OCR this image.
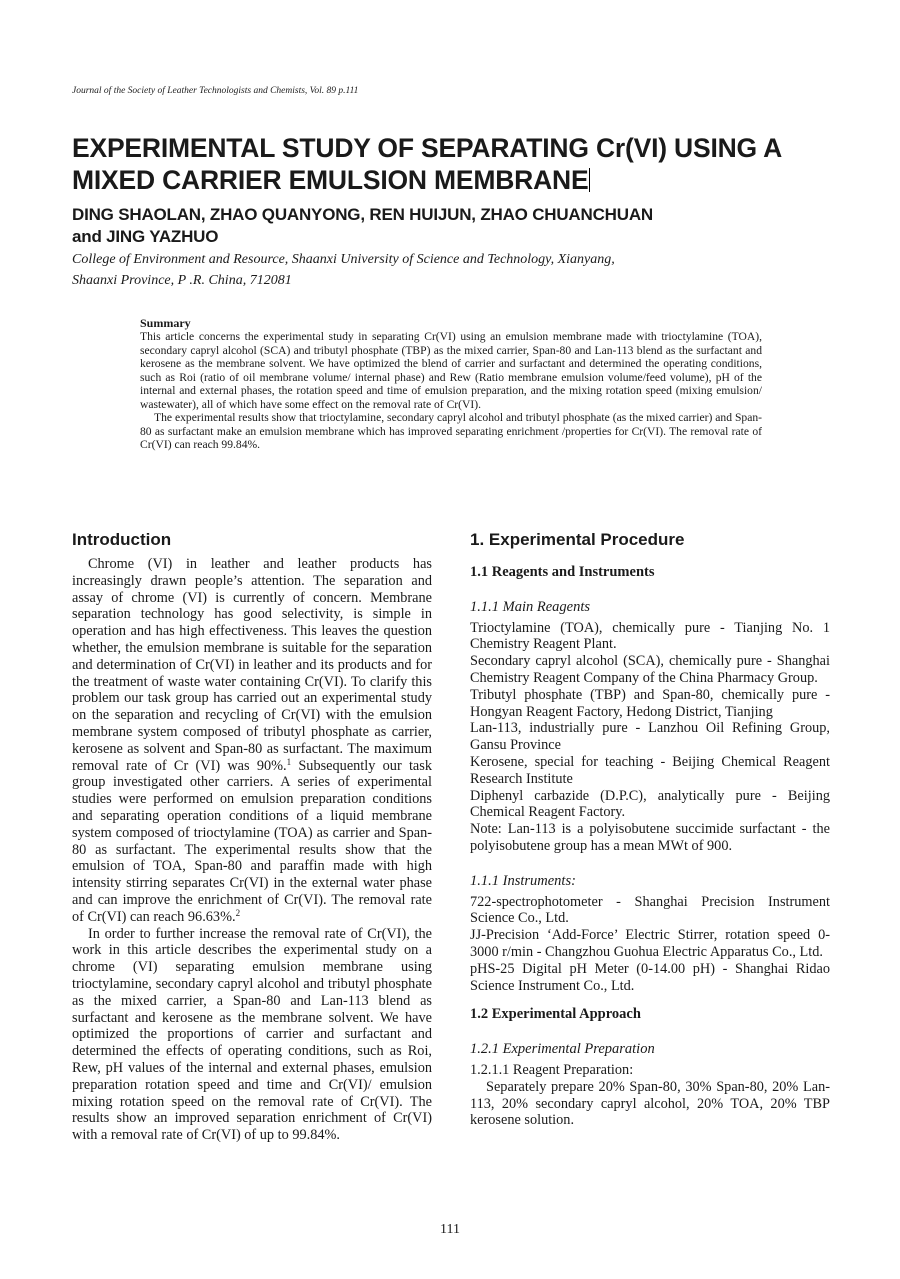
Journal of the Society of Leather Technologists and Chemists, Vol. 89 p.111
EXPERIMENTAL STUDY OF SEPARATING Cr(VI) USING A MIXED CARRIER EMULSION MEMBRANE
DING SHAOLAN, ZHAO QUANYONG, REN HUIJUN, ZHAO CHUANCHUAN
and JING YAZHUO
College of Environment and Resource, Shaanxi University of Science and Technology, Xianyang,
Shaanxi Province, P .R. China, 712081
Summary

This article concerns the experimental study in separating Cr(VI) using an emulsion membrane made with trioctylamine (TOA), secondary capryl alcohol (SCA) and tributyl phosphate (TBP) as the mixed carrier, Span-80 and Lan-113 blend as the surfactant and kerosene as the membrane solvent. We have optimized the blend of carrier and surfactant and determined the operating conditions, such as Roi (ratio of oil membrane volume/ internal phase) and Rew (Ratio membrane emulsion volume/feed volume), pH of the internal and external phases, the rotation speed and time of emulsion preparation, and the mixing rotation speed (mixing emulsion/ wastewater), all of which have some effect on the removal rate of Cr(VI).

The experimental results show that trioctylamine, secondary capryl alcohol and tributyl phosphate (as the mixed carrier) and Span-80 as surfactant make an emulsion membrane which has improved separating enrichment /properties for Cr(VI). The removal rate of Cr(VI) can reach 99.84%.

Introduction

Chrome (VI) in leather and leather products has increasingly drawn people’s attention. The separation and assay of chrome (VI) is currently of concern. Membrane separation technology has good selectivity, is simple in operation and has high effectiveness. This leaves the question whether, the emulsion membrane is suitable for the separation and determination of Cr(VI) in leather and its products and for the treatment of waste water containing Cr(VI). To clarify this problem our task group has carried out an experimental study on the separation and recycling of Cr(VI) with the emulsion membrane system composed of tributyl phosphate as carrier, kerosene as solvent and Span-80 as surfactant. The maximum removal rate of Cr (VI) was 90%.$^1$ Subsequently our task group investigated other carriers. A series of experimental studies were performed on emulsion preparation conditions and separating operation conditions of a liquid membrane system composed of trioctylamine (TOA) as carrier and Span-80 as surfactant. The experimental results show that the emulsion of TOA, Span-80 and paraffin made with high intensity stirring separates Cr(VI) in the external water phase and can improve the enrichment of Cr(VI). The removal rate of Cr(VI) can reach 96.63%.$^2$

In order to further increase the removal rate of Cr(VI), the work in this article describes the experimental study on a chrome (VI) separating emulsion membrane using trioctylamine, secondary capryl alcohol and tributyl phosphate as the mixed carrier, a Span-80 and Lan-113 blend as surfactant and kerosene as the membrane solvent. We have optimized the proportions of carrier and surfactant and determined the effects of operating conditions, such as Roi, Rew, pH values of the internal and external phases, emulsion preparation rotation speed and time and Cr(VI)/ emulsion mixing rotation speed on the removal rate of Cr(VI). The results show an improved separation enrichment of Cr(VI) with a removal rate of Cr(VI) of up to 99.84%.

1. Experimental Procedure
1.1 Reagents and Instruments
1.1.1 Main Reagents

Trioctylamine (TOA), chemically pure - Tianjing No. 1 Chemistry Reagent Plant.

Secondary capryl alcohol (SCA), chemically pure - Shanghai Chemistry Reagent Company of the China Pharmacy Group.

Tributyl phosphate (TBP) and Span-80, chemically pure - Hongyan Reagent Factory, Hedong District, Tianjing

Lan-113, industrially pure - Lanzhou Oil Refining Group, Gansu Province

Kerosene, special for teaching - Beijing Chemical Reagent Research Institute

Diphenyl carbazide (D.P.C), analytically pure - Beijing Chemical Reagent Factory.

Note: Lan-113 is a polyisobutene succimide surfactant - the polyisobutene group has a mean MWt of 900.

1.1.1 Instruments:

722-spectrophotometer - Shanghai Precision Instrument Science Co., Ltd.

JJ-Precision ‘Add-Force’ Electric Stirrer, rotation speed 0-3000 r/min - Changzhou Guohua Electric Apparatus Co., Ltd.

pHS-25 Digital pH Meter (0-14.00 pH) - Shanghai Ridao Science Instrument Co., Ltd.

1.2 Experimental Approach
1.2.1 Experimental Preparation

1.2.1.1 Reagent Preparation:

Separately prepare 20% Span-80, 30% Span-80, 20% Lan-113, 20% secondary capryl alcohol, 20% TOA, 20% TBP kerosene solution.

111
